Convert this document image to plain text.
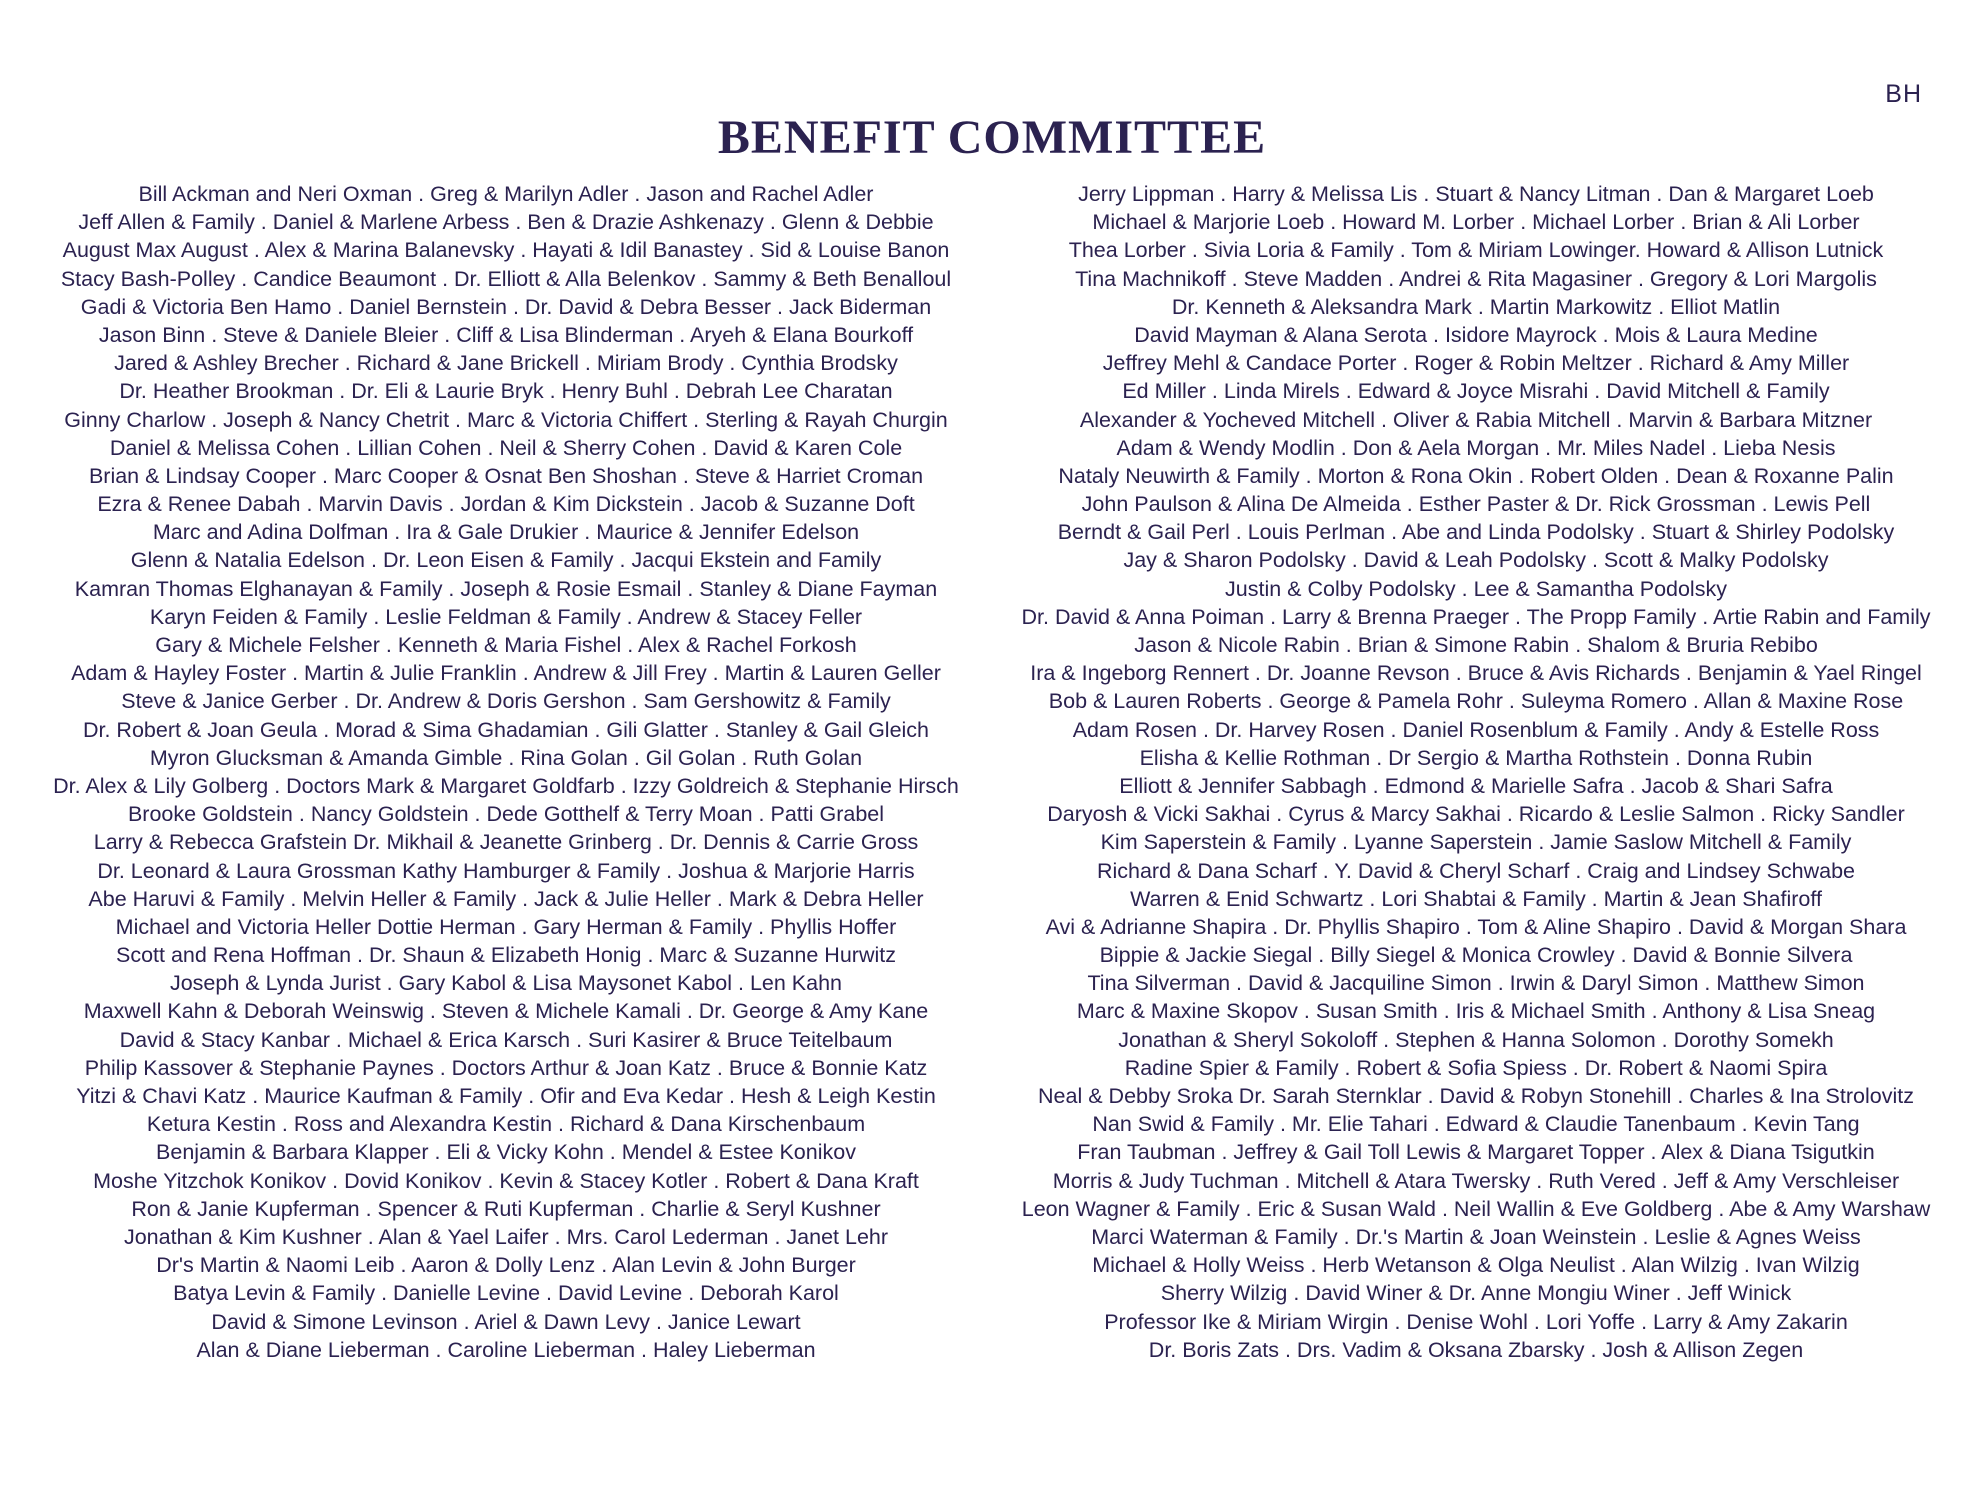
BH
BENEFIT COMMITTEE
Bill Ackman and Neri Oxman . Greg & Marilyn Adler . Jason and Rachel Adler
Jeff Allen & Family . Daniel & Marlene Arbess . Ben & Drazie Ashkenazy . Glenn & Debbie
August Max August . Alex & Marina Balanevsky . Hayati & Idil Banastey . Sid & Louise Banon
Stacy Bash-Polley . Candice Beaumont . Dr. Elliott & Alla Belenkov . Sammy & Beth Benalloul
Gadi & Victoria Ben Hamo . Daniel Bernstein . Dr. David & Debra Besser . Jack Biderman
Jason Binn . Steve & Daniele Bleier . Cliff & Lisa Blinderman . Aryeh & Elana Bourkoff
Jared & Ashley Brecher . Richard & Jane Brickell . Miriam Brody . Cynthia Brodsky
Dr. Heather Brookman . Dr. Eli & Laurie Bryk . Henry Buhl . Debrah Lee Charatan
Ginny Charlow . Joseph & Nancy Chetrit . Marc & Victoria Chiffert . Sterling & Rayah Churgin
Daniel & Melissa Cohen . Lillian Cohen . Neil & Sherry Cohen . David & Karen Cole
Brian & Lindsay Cooper . Marc Cooper & Osnat Ben Shoshan . Steve & Harriet Croman
Ezra & Renee Dabah . Marvin Davis . Jordan & Kim Dickstein . Jacob & Suzanne Doft
Marc and Adina Dolfman . Ira & Gale Drukier . Maurice & Jennifer Edelson
Glenn & Natalia Edelson . Dr. Leon Eisen & Family . Jacqui Ekstein and Family
Kamran Thomas Elghanayan & Family . Joseph & Rosie Esmail . Stanley & Diane Fayman
Karyn Feiden & Family . Leslie Feldman & Family . Andrew & Stacey Feller
Gary & Michele Felsher . Kenneth & Maria Fishel . Alex & Rachel Forkosh
Adam & Hayley Foster . Martin & Julie Franklin . Andrew & Jill Frey . Martin & Lauren Geller
Steve & Janice Gerber . Dr. Andrew & Doris Gershon . Sam Gershowitz & Family
Dr. Robert & Joan Geula . Morad & Sima Ghadamian . Gili Glatter . Stanley & Gail Gleich
Myron Glucksman & Amanda Gimble . Rina Golan . Gil Golan . Ruth Golan
Dr. Alex & Lily Golberg . Doctors Mark & Margaret Goldfarb . Izzy Goldreich & Stephanie Hirsch
Brooke Goldstein . Nancy Goldstein . Dede Gotthelf & Terry Moan . Patti Grabel
Larry & Rebecca Grafstein Dr. Mikhail & Jeanette Grinberg . Dr. Dennis & Carrie Gross
Dr. Leonard & Laura Grossman Kathy Hamburger & Family . Joshua & Marjorie Harris
Abe Haruvi & Family . Melvin Heller & Family . Jack & Julie Heller . Mark & Debra Heller
Michael and Victoria Heller Dottie Herman . Gary Herman & Family . Phyllis Hoffer
Scott and Rena Hoffman . Dr. Shaun & Elizabeth Honig . Marc & Suzanne Hurwitz
Joseph & Lynda Jurist . Gary Kabol & Lisa Maysonet Kabol . Len Kahn
Maxwell Kahn & Deborah Weinswig . Steven & Michele Kamali . Dr. George & Amy Kane
David & Stacy Kanbar . Michael & Erica Karsch . Suri Kasirer & Bruce Teitelbaum
Philip Kassover & Stephanie Paynes . Doctors Arthur & Joan Katz . Bruce & Bonnie Katz
Yitzi & Chavi Katz . Maurice Kaufman & Family . Ofir and Eva Kedar . Hesh & Leigh Kestin
Ketura Kestin . Ross and Alexandra Kestin . Richard & Dana Kirschenbaum
Benjamin & Barbara Klapper . Eli & Vicky Kohn . Mendel & Estee Konikov
Moshe Yitzchok Konikov . Dovid Konikov . Kevin & Stacey Kotler . Robert & Dana Kraft
Ron & Janie Kupferman . Spencer & Ruti Kupferman . Charlie & Seryl Kushner
Jonathan & Kim Kushner . Alan & Yael Laifer . Mrs. Carol Lederman . Janet Lehr
Dr's Martin & Naomi Leib . Aaron & Dolly Lenz . Alan Levin & John Burger
Batya Levin & Family . Danielle Levine . David Levine . Deborah Karol
David & Simone Levinson . Ariel & Dawn Levy . Janice Lewart
Alan & Diane Lieberman . Caroline Lieberman . Haley Lieberman
Jerry Lippman . Harry & Melissa Lis . Stuart & Nancy Litman . Dan & Margaret Loeb
Michael & Marjorie Loeb . Howard M. Lorber . Michael Lorber . Brian & Ali Lorber
Thea Lorber . Sivia Loria & Family . Tom & Miriam Lowinger. Howard & Allison Lutnick
Tina Machnikoff . Steve Madden . Andrei & Rita Magasiner . Gregory & Lori Margolis
Dr. Kenneth & Aleksandra Mark . Martin Markowitz . Elliot Matlin
David Mayman & Alana Serota . Isidore Mayrock . Mois & Laura Medine
Jeffrey Mehl & Candace Porter . Roger & Robin Meltzer . Richard & Amy Miller
Ed Miller . Linda Mirels . Edward & Joyce Misrahi . David Mitchell & Family
Alexander & Yocheved Mitchell . Oliver & Rabia Mitchell . Marvin & Barbara Mitzner
Adam & Wendy Modlin . Don & Aela Morgan . Mr. Miles Nadel . Lieba Nesis
Nataly Neuwirth & Family . Morton & Rona Okin . Robert Olden . Dean & Roxanne Palin
John Paulson & Alina De Almeida . Esther Paster & Dr. Rick Grossman . Lewis Pell
Berndt & Gail Perl . Louis Perlman . Abe and Linda Podolsky . Stuart & Shirley Podolsky
Jay & Sharon Podolsky . David & Leah Podolsky . Scott & Malky Podolsky
Justin & Colby Podolsky . Lee & Samantha Podolsky
Dr. David & Anna Poiman . Larry & Brenna Praeger . The Propp Family . Artie Rabin and Family
Jason & Nicole Rabin . Brian & Simone Rabin . Shalom & Bruria Rebibo
Ira & Ingeborg Rennert . Dr. Joanne Revson . Bruce & Avis Richards . Benjamin & Yael Ringel
Bob & Lauren Roberts . George & Pamela Rohr . Suleyma Romero . Allan & Maxine Rose
Adam Rosen . Dr. Harvey Rosen . Daniel Rosenblum & Family . Andy & Estelle Ross
Elisha & Kellie Rothman . Dr Sergio & Martha Rothstein . Donna Rubin
Elliott & Jennifer Sabbagh . Edmond & Marielle Safra . Jacob & Shari Safra
Daryosh & Vicki Sakhai . Cyrus & Marcy Sakhai . Ricardo & Leslie Salmon . Ricky Sandler
Kim Saperstein & Family . Lyanne Saperstein . Jamie Saslow Mitchell & Family
Richard & Dana Scharf . Y. David & Cheryl Scharf . Craig and Lindsey Schwabe
Warren & Enid Schwartz . Lori Shabtai & Family . Martin & Jean Shafiroff
Avi & Adrianne Shapira . Dr. Phyllis Shapiro . Tom & Aline Shapiro . David & Morgan Shara
Bippie & Jackie Siegal . Billy Siegel & Monica Crowley . David & Bonnie Silvera
Tina Silverman . David & Jacquiline Simon . Irwin & Daryl Simon . Matthew Simon
Marc & Maxine Skopov . Susan Smith . Iris & Michael Smith . Anthony & Lisa Sneag
Jonathan & Sheryl Sokoloff . Stephen & Hanna Solomon . Dorothy Somekh
Radine Spier & Family . Robert & Sofia Spiess . Dr. Robert & Naomi Spira
Neal & Debby Sroka Dr. Sarah Sternklar . David & Robyn Stonehill . Charles & Ina Strolovitz
Nan Swid & Family . Mr. Elie Tahari . Edward & Claudie Tanenbaum . Kevin Tang
Fran Taubman . Jeffrey & Gail Toll Lewis & Margaret Topper . Alex & Diana Tsigutkin
Morris & Judy Tuchman . Mitchell & Atara Twersky . Ruth Vered . Jeff & Amy Verschleiser
Leon Wagner & Family . Eric & Susan Wald . Neil Wallin & Eve Goldberg . Abe & Amy Warshaw
Marci Waterman & Family . Dr.'s Martin & Joan Weinstein . Leslie & Agnes Weiss
Michael & Holly Weiss . Herb Wetanson & Olga Neulist . Alan Wilzig . Ivan Wilzig
Sherry Wilzig . David Winer & Dr. Anne Mongiu Winer . Jeff Winick
Professor Ike & Miriam Wirgin . Denise Wohl . Lori Yoffe . Larry & Amy Zakarin
Dr. Boris Zats . Drs. Vadim & Oksana Zbarsky . Josh & Allison Zegen
